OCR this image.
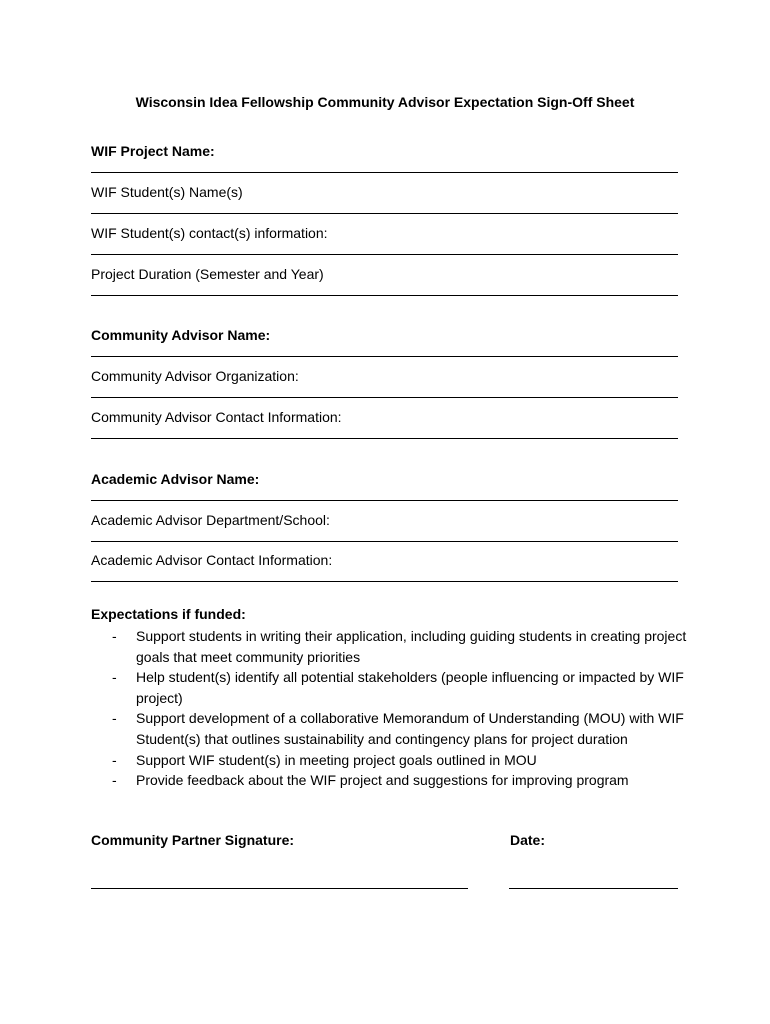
Wisconsin Idea Fellowship Community Advisor Expectation Sign-Off Sheet
WIF Project Name:
WIF Student(s) Name(s)
WIF Student(s) contact(s) information:
Project Duration (Semester and Year)
Community Advisor Name:
Community Advisor Organization:
Community Advisor Contact Information:
Academic Advisor Name:
Academic Advisor Department/School:
Academic Advisor Contact Information:
Expectations if funded:
- Support students in writing their application, including guiding students in creating project goals that meet community priorities
- Help student(s) identify all potential stakeholders (people influencing or impacted by WIF project)
- Support development of a collaborative Memorandum of Understanding (MOU) with WIF Student(s) that outlines sustainability and contingency plans for project duration
- Support WIF student(s) in meeting project goals outlined in MOU
- Provide feedback about the WIF project and suggestions for improving program
Community Partner Signature:	Date:
